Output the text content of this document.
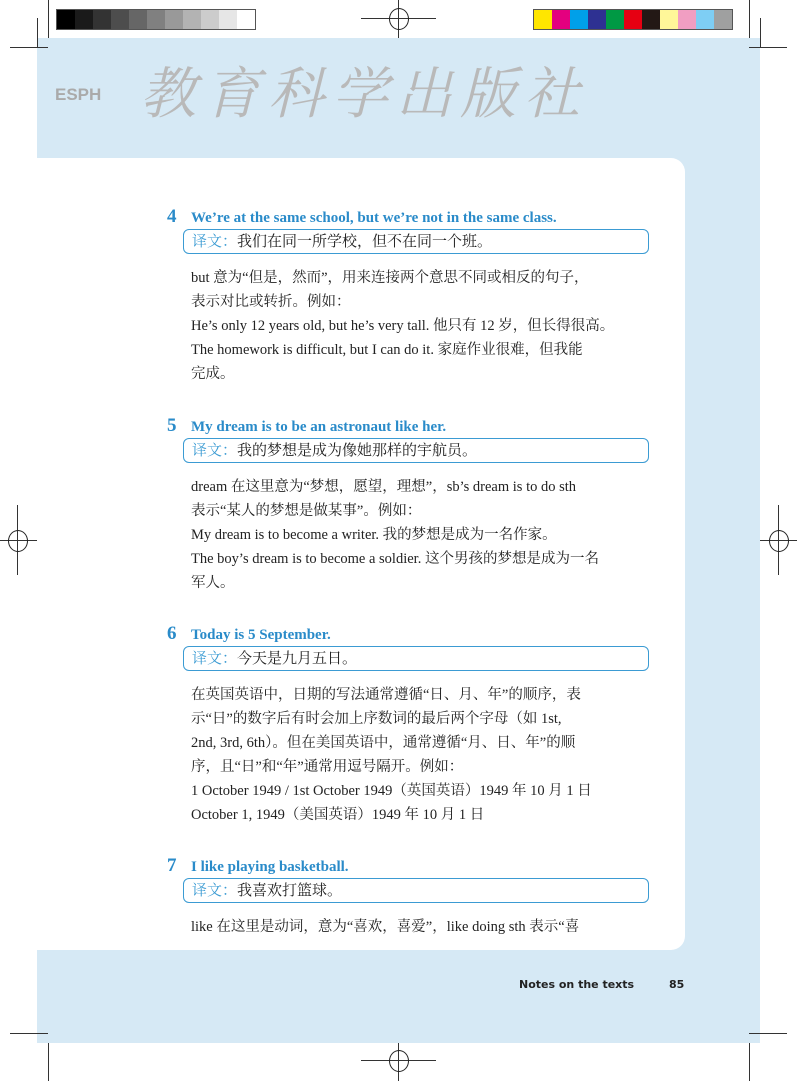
教育科学出版社
ESPH
4 We’re at the same school, but we’re not in the same class.
译文：我们在同一所学校，但不在同一个班。
but 意为“但是，然而”，用来连接两个意思不同或相反的句子，
表示对比或转折。例如：
He’s only 12 years old, but he’s very tall. 他只有 12 岁，但长得很高。
The homework is difficult, but I can do it. 家庭作业很难，但我能
完成。
5 My dream is to be an astronaut like her.
译文：我的梦想是成为像她那样的宇航员。
dream 在这里意为“梦想，愿望，理想”，sb’s dream is to do sth
表示“某人的梦想是做某事”。例如：
My dream is to become a writer. 我的梦想是成为一名作家。
The boy’s dream is to become a soldier. 这个男孩的梦想是成为一名
军人。
6 Today is 5 September.
译文：今天是九月五日。
在英国英语中，日期的写法通常遵循“日、月、年”的顺序，表
示“日”的数字后有时会加上序数词的最后两个字母（如 1st,
2nd, 3rd, 6th）。但在美国英语中，通常遵循“月、日、年”的顺
序，且“日”和“年”通常用逗号隔开。例如：
1 October 1949 / 1st October 1949（英国英语）1949 年 10 月 1 日
October 1, 1949（美国英语）1949 年 10 月 1 日
7 I like playing basketball.
译文：我喜欢打篮球。
like 在这里是动词，意为“喜欢，喜爱”，like doing sth 表示“喜
Notes on the texts	85
